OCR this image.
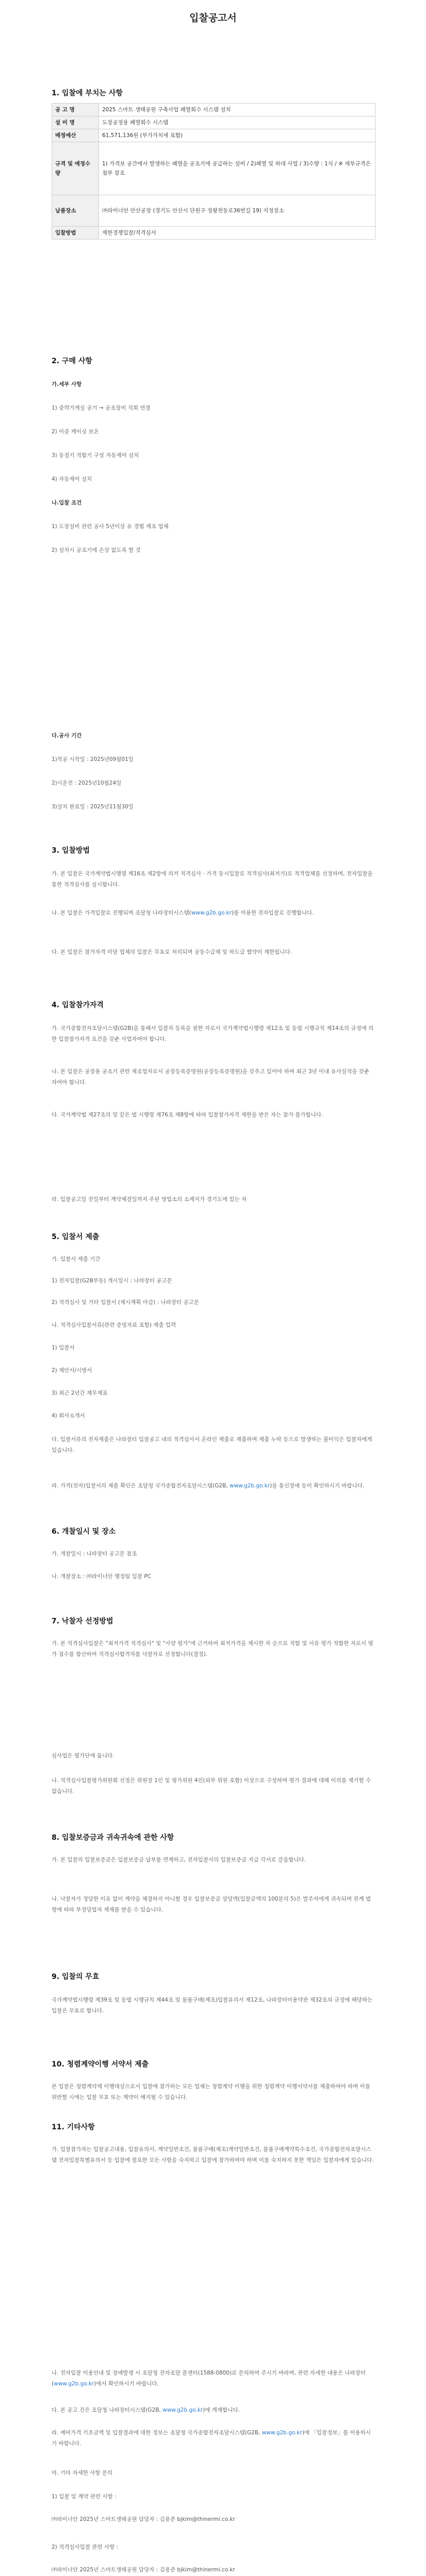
입찰공고서
1. 입찰에 부치는 사항
공 고 명	2025 스마트 생태공원 구축사업 폐열회수 시스템 설치
설 비 명	도장공정용 폐열회수 시스템
배정예산	61,571,136원 (부가가치세 포함)
규격 및 예정수량	1) 가격보 공간에서 발생하는 폐열을 공조기에 공급하는 설비 / 2)폐열 및 하대 사업 / 3)수량 : 1식 / ※ 세부규격은 첨부 참조
납품장소	㈜라이너안 안산공장 (경기도 안산시 단원구 정왕천동로36번길 19) 지정장소
입찰방법	제한경쟁입찰/적격심사
2. 구매 사항
가.세부 사항
1) 중력가계실 공기 → 공조장비 직회 연결
2) 이중 케이싱 보온
3) 동절기 적합기 구성 자동제어 설치
4) 자동제어 설치
나.입찰 조건
1) 도장설비 관련 공사 5년이상 유 경험 제조 업체
2) 설치시 공조기에 손상 없도록 할 것
다.공사 기간
1)착공 시작일 : 2025년09월01일
2)시운전 : 2025년10월24일
3)설치 완료일 : 2025년11월30일
3. 입찰방법
가. 본 입찰은 국가계약법시행령 제16조 제2항에 의거 적격심사 · 가격 동시입찰로 적격심사(최저가)로 적격업체를 선정하며, 전자입찰을 통한 적격심사를 실시합니다.
나. 본 입찰은 가격입찰로 진행되며 조달청 나라장터시스템(www.g2b.go.kr)를 이용한 전자입찰로 진행합니다.
다. 본 입찰은 참가자격 미달 업체의 입찰은 무효로 처리되며 공동수급체 및 하도급 협약이 제한됩니다.
4. 입찰참가자격
가. 국가종합전자조달시스템(G2B)을 통해서 입찰자 등록을 필한 자로서 국가계약법시행령 제12조 및 동법 시행규칙 제14조의 규정에 의한 입찰참가자격 요건을 갖춘 사업자여야 합니다.
나. 본 입찰은 공장용 공조기 관련 제조업자로서 공장등록증명원(공장등록증명원)을 갖추고 있어야 하며 최근 3년 이내 유사실적을 갖춘 자여야 합니다.
다. 국가계약법 제27조의 및 같은 법 시행령 제76조 제8항에 따라 입찰참가자격 제한을 받은 자는 참가 불가합니다.
라. 입찰공고일 전일부터 계약체결일까지 주된 영업소의 소재지가 경기도에 있는 자
5. 입찰서 제출
가. 입찰서 제출 기간
1) 전자입찰(G2B부동) 개시일시 : 나라장터 공고문
2) 적격심사 및 기타 입찰서 (제시계획 마감) : 나라장터 공고문
나. 적격심사입찰서류(관련 증빙자료 포함) 제출 입력
1) 입찰서
2) 제안서/시방서
3) 최근 2년간 재무제표
4) 회사소개서
다. 입찰서류의 전자제출은 나라장터 입찰공고 내의 적격심사서 온라인 제출로 제출하며 제출 누락 등으로 발생하는 불이익은 입찰자에게 있습니다.
라. 가격(전자)입찰서의 제출 확인은 조달청 국가종합전자조달시스템(G2B, www.g2b.go.kr)을 통신장애 등이 확인하시기 바랍니다.
6. 개찰일시 및 장소
가. 개찰일시 : 나라장터 공고문 참조
나. 개찰장소 : ㈜라이너안 행정팀 입찰 PC
7. 낙찰자 선정방법
가. 본 적격심사입찰은 "최저가격 적격심사" 및 "사양 평가"에 근거하여 최저가격을 제시한 자 순으로 적합 및 서류 평가 적합한 자로서 평가 점수를 합산하여 적격심사합격자를 낙찰자로 선정합니다(결정).
심사업은 평가단에 둡니다.
나. 적격심사입찰평가위원회 선정은 위원장 1인 및 평가위원 4인(외부 위원 포함) 이상으로 구성하며 평가 결과에 대해 이의를 제기할 수 없습니다.
8. 입찰보증금과 귀속귀속에 관한 사항
가. 본 입찰의 입찰보증금은 입찰보증금 납부를 면제하고, 전자입찰서의 입찰보증금 지급 각서로 갈음합니다.
나. 낙찰자가 정당한 이유 없이 계약을 체결하지 아니할 경우 입찰보증금 상당액(입찰금액의 100분의 5)은 발주자에게 귀속되며 관계 법령에 따라 부정당업자 제재를 받을 수 있습니다.
9. 입찰의 무효
국가계약법시행령 제39조 및 동법 시행규칙 제44조 및 물품구매(제조)입찰유의서 제12조, 나라장터이용약관 제32조의 규정에 해당하는 입찰은 무효로 합니다.
10. 청렴계약이행 서약서 제출
본 입찰은 청렴계약제 이행대상으로서 입찰에 참가하는 모든 업체는 청렴계약 이행을 위한 청렴계약 이행서약서를 제출하여야 하며 이를 위반할 시에는 입찰 무효 또는 계약이 해지될 수 있습니다.
11. 기타사항
가. 입찰참가자는 입찰공고내용, 입찰유의서, 계약일반조건, 물품구매(제조)계약일반조건, 물품구매계약특수조건, 국가종합전자조달시스템 전자입찰특별유의서 등 입찰에 필요한 모든 사항을 숙지하고 입찰에 참가하여야 하며 이를 숙지하지 못한 책임은 입찰자에게 있습니다.
나. 전자입찰 이용안내 및 장애발생 시 조달청 전자조달 콜센터(1588-0800)로 문의하여 주시기 바라며, 관련 자세한 내용은 나라장터(www.g2b.go.kr)에서 확인하시기 바랍니다.
다. 본 공고 건은 조달청 나라장터시스템(G2B, www.g2b.go.kr)에 게재합니다.
라. 예비가격 기초금액 및 입찰결과에 대한 정보는 조달청 국가종합전자조달시스템(G2B, www.g2b.go.kr)에 「입찰정보」를 이용하시기 바랍니다.
마. 기타 자세한 사항 문의
1) 입찰 및 계약 관련 사항 :
㈜라이너안 2025년 스마트생태공원 담당자 : 김용준 bjkim@thinermi.co.kr
2) 적격심사입찰 관련 사항 :
㈜라이너안 2025년 스마트생태공원 담당자 : 김용준 bjkim@thinermi.co.kr
